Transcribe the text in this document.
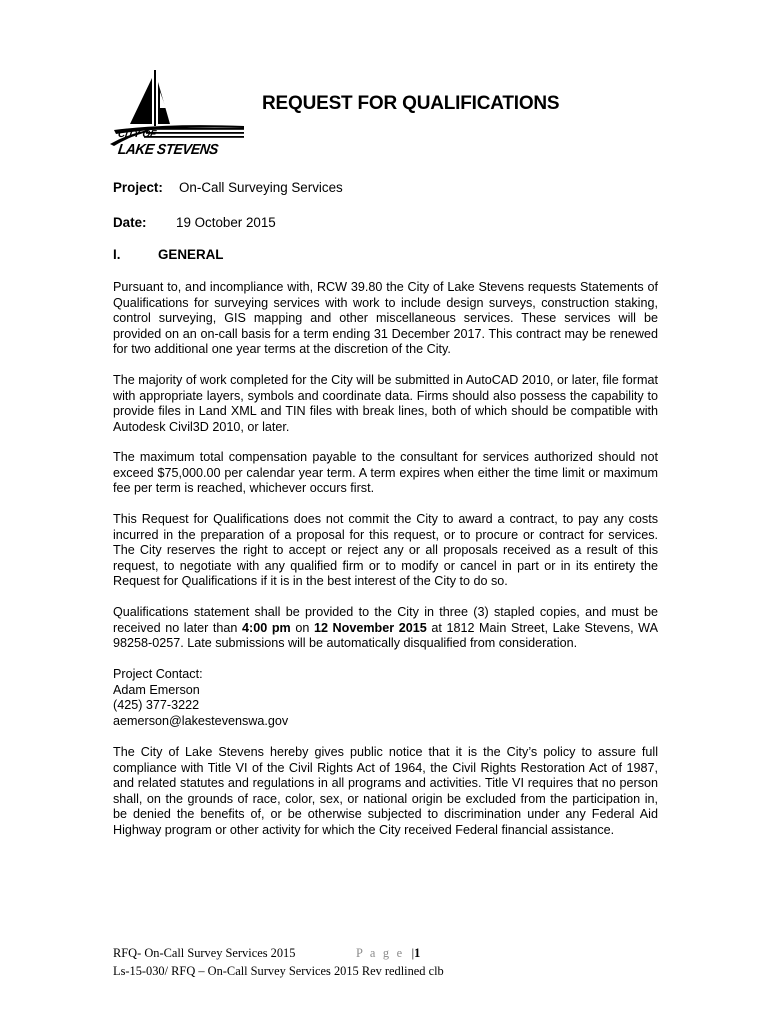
CITY OF
LAKE STEVENS
REQUEST FOR QUALIFICATIONS
Project: On-Call Surveying Services
Date: 19 October 2015
I.	GENERAL

Pursuant to, and incompliance with, RCW 39.80 the City of Lake Stevens requests Statements of Qualifications for surveying services with work to include design surveys, construction staking, control surveying, GIS mapping and other miscellaneous services. These services will be provided on an on-call basis for a term ending 31 December 2017. This contract may be renewed for two additional one year terms at the discretion of the City.

The majority of work completed for the City will be submitted in AutoCAD 2010, or later, file format with appropriate layers, symbols and coordinate data. Firms should also possess the capability to provide files in Land XML and TIN files with break lines, both of which should be compatible with Autodesk Civil3D 2010, or later.

The maximum total compensation payable to the consultant for services authorized should not exceed $75,000.00 per calendar year term. A term expires when either the time limit or maximum fee per term is reached, whichever occurs first.

This Request for Qualifications does not commit the City to award a contract, to pay any costs incurred in the preparation of a proposal for this request, or to procure or contract for services. The City reserves the right to accept or reject any or all proposals received as a result of this request, to negotiate with any qualified firm or to modify or cancel in part or in its entirety the Request for Qualifications if it is in the best interest of the City to do so.

Qualifications statement shall be provided to the City in three (3) stapled copies, and must be received no later than 4:00 pm on 12 November 2015 at 1812 Main Street, Lake Stevens, WA 98258-0257. Late submissions will be automatically disqualified from consideration.

Project Contact:
Adam Emerson
(425) 377-3222
aemerson@lakestevenswa.gov

The City of Lake Stevens hereby gives public notice that it is the City’s policy to assure full compliance with Title VI of the Civil Rights Act of 1964, the Civil Rights Restoration Act of 1987, and related statutes and regulations in all programs and activities. Title VI requires that no person shall, on the grounds of race, color, sex, or national origin be excluded from the participation in, be denied the benefits of, or be otherwise subjected to discrimination under any Federal Aid Highway program or other activity for which the City received Federal financial assistance.

RFQ- On-Call Survey Services 2015	P a g e |1
Ls-15-030/ RFQ – On-Call Survey Services 2015 Rev redlined clb
